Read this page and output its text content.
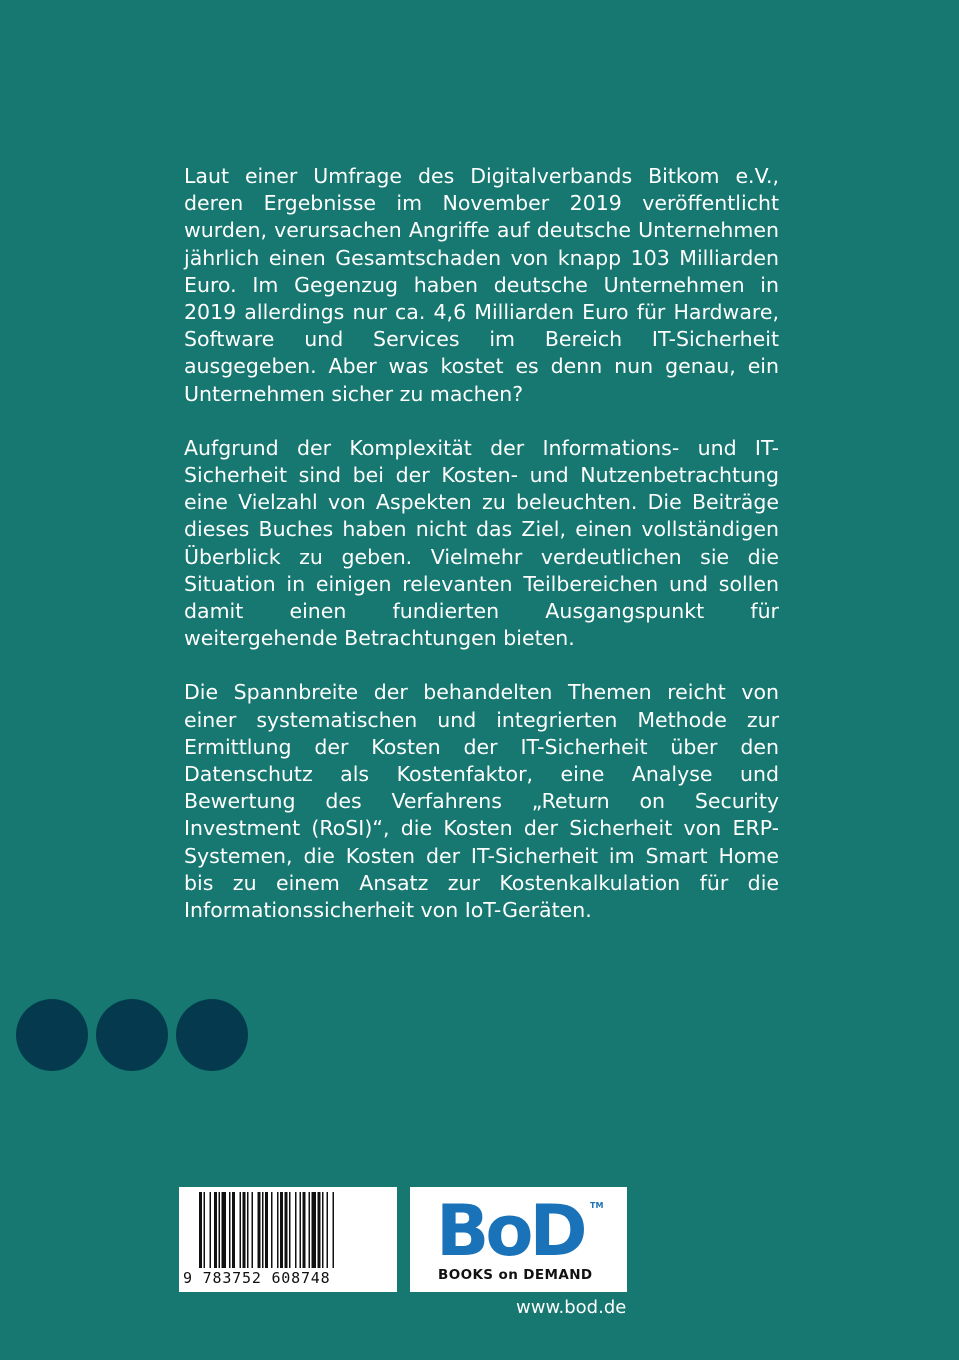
Laut einer Umfrage des Digitalverbands Bitkom e.V., deren Ergebnisse im November 2019 veröffentlicht wurden, verursachen Angriffe auf deutsche Unternehmen jährlich einen Gesamtschaden von knapp 103 Milliarden Euro. Im Gegenzug haben deutsche Unternehmen in 2019 allerdings nur ca. 4,6 Milliarden Euro für Hardware, Software und Services im Bereich IT-Sicherheit ausgegeben. Aber was kostet es denn nun genau, ein Unternehmen sicher zu machen?

Aufgrund der Komplexität der Informations- und IT-Sicherheit sind bei der Kosten- und Nutzenbetrachtung eine Vielzahl von Aspekten zu beleuchten. Die Beiträge dieses Buches haben nicht das Ziel, einen vollständigen Überblick zu geben. Vielmehr verdeutlichen sie die Situation in einigen relevanten Teilbereichen und sollen damit einen fundierten Ausgangspunkt für weitergehende Betrachtungen bieten.

Die Spannbreite der behandelten Themen reicht von einer systematischen und integrierten Methode zur Ermittlung der Kosten der IT-Sicherheit über den Datenschutz als Kostenfaktor, eine Analyse und Bewertung des Verfahrens „Return on Security Investment (RoSI)“, die Kosten der Sicherheit von ERP-Systemen, die Kosten der IT-Sicherheit im Smart Home bis zu einem Ansatz zur Kostenkalkulation für die Informationssicherheit von IoT-Geräten.

9 783752 608748
BoD TM
BOOKS on DEMAND
www.bod.de
